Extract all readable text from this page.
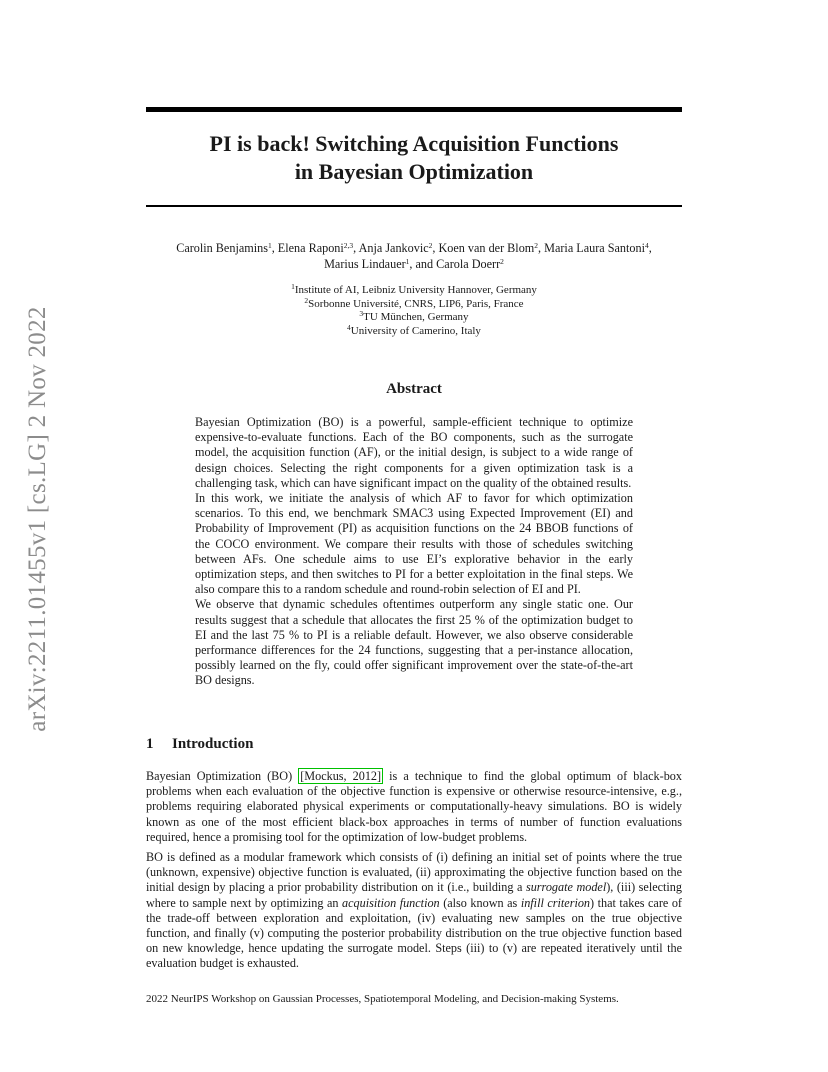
arXiv:2211.01455v1 [cs.LG] 2 Nov 2022
PI is back! Switching Acquisition Functions
in Bayesian Optimization
Carolin Benjamins$^1$, Elena Raponi$^{2,3}$, Anja Jankovic$^2$, Koen van der Blom$^2$, Maria Laura Santoni$^4$,
Marius Lindauer$^1$, and Carola Doerr$^2$
$^1$Institute of AI, Leibniz University Hannover, Germany
$^2$Sorbonne Université, CNRS, LIP6, Paris, France
$^3$TU München, Germany
$^4$University of Camerino, Italy
Abstract

Bayesian Optimization (BO) is a powerful, sample-efficient technique to optimize expensive-to-evaluate functions. Each of the BO components, such as the surrogate model, the acquisition function (AF), or the initial design, is subject to a wide range of design choices. Selecting the right components for a given optimization task is a challenging task, which can have significant impact on the quality of the obtained results.

In this work, we initiate the analysis of which AF to favor for which optimization scenarios. To this end, we benchmark SMAC3 using Expected Improvement (EI) and Probability of Improvement (PI) as acquisition functions on the 24 BBOB functions of the COCO environment. We compare their results with those of schedules switching between AFs. One schedule aims to use EI’s explorative behavior in the early optimization steps, and then switches to PI for a better exploitation in the final steps. We also compare this to a random schedule and round-robin selection of EI and PI.

We observe that dynamic schedules oftentimes outperform any single static one. Our results suggest that a schedule that allocates the first 25 % of the optimization budget to EI and the last 75 % to PI is a reliable default. However, we also observe considerable performance differences for the 24 functions, suggesting that a per-instance allocation, possibly learned on the fly, could offer significant improvement over the state-of-the-art BO designs.

1 Introduction

Bayesian Optimization (BO) [Mockus, 2012] is a technique to find the global optimum of black-box problems when each evaluation of the objective function is expensive or otherwise resource-intensive, e.g., problems requiring elaborated physical experiments or computationally-heavy simulations. BO is widely known as one of the most efficient black-box approaches in terms of number of function evaluations required, hence a promising tool for the optimization of low-budget problems.

BO is defined as a modular framework which consists of (i) defining an initial set of points where the true (unknown, expensive) objective function is evaluated, (ii) approximating the objective function based on the initial design by placing a prior probability distribution on it (i.e., building a surrogate model), (iii) selecting where to sample next by optimizing an acquisition function (also known as infill criterion) that takes care of the trade-off between exploration and exploitation, (iv) evaluating new samples on the true objective function, and finally (v) computing the posterior probability distribution on the true objective function based on new knowledge, hence updating the surrogate model. Steps (iii) to (v) are repeated iteratively until the evaluation budget is exhausted.

2022 NeurIPS Workshop on Gaussian Processes, Spatiotemporal Modeling, and Decision-making Systems.
